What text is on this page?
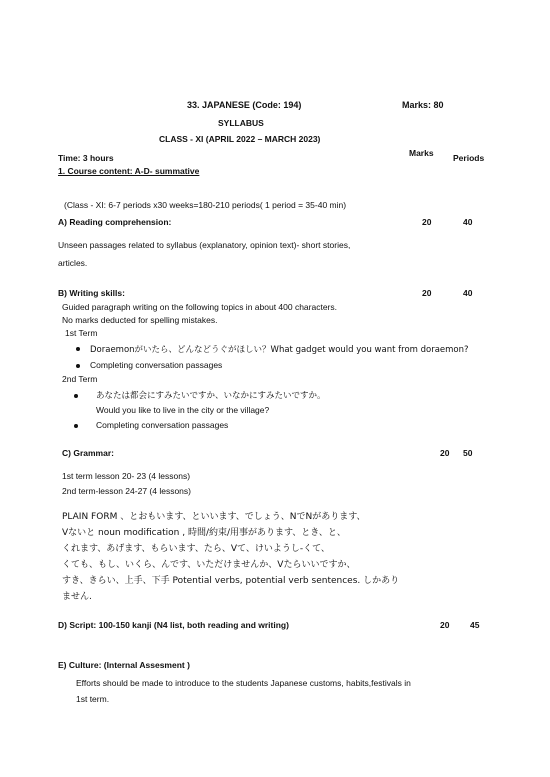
33. JAPANESE (Code: 194)	Marks: 80
SYLLABUS
CLASS - XI (APRIL 2022 – MARCH 2023)
Time: 3 hours	Marks Periods
1. Course content: A-D- summative
(Class - XI: 6-7 periods x30 weeks=180-210 periods( 1 period = 35-40 min)
A) Reading comprehension:	20	40
Unseen passages related to syllabus (explanatory, opinion text)- short stories,
articles.
B) Writing skills:	20	40
Guided paragraph writing on the following topics in about 400 characters.
No marks deducted for spelling mistakes.
1st Term
Doraemonがいたら、どんなどうぐがほしい？What gadget would you want from doraemon?
Completing conversation passages
2nd Term
あなたは都会にすみたいですか、いなかにすみたいですか。
Would you like to live in the city or the village?
Completing conversation passages
C) Grammar:	20 50
1st term lesson 20- 23 (4 lessons)
2nd term-lesson 24-27 (4 lessons)
PLAIN FORM 、とおもいます、といいます、でしょう、NでNがあります、
Vないと noun modification , 時間/約束/用事があります、とき、と、
くれます、あげます、もらいます、たら、Vて、けいようし-くて、
くても、もし、いくら、んです、いただけませんか、Vたらいいですか、
すき、きらい、上手、下手 Potential verbs, potential verb sentences. しかあり
ません.
D) Script: 100-150 kanji (N4 list, both reading and writing)	20 45
E) Culture: (Internal Assesment )
Efforts should be made to introduce to the students Japanese customs, habits,festivals in
1st term.
